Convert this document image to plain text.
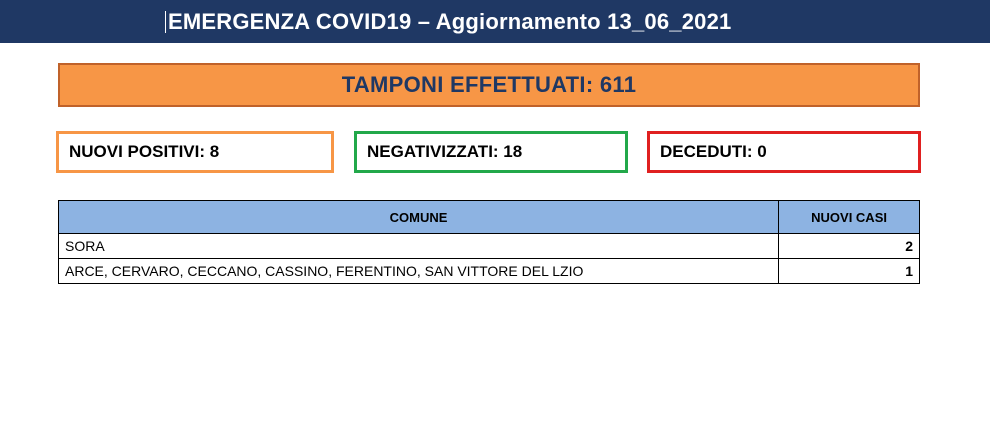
EMERGENZA COVID19 – Aggiornamento 13_06_2021
TAMPONI EFFETTUATI: 611
NUOVI POSITIVI: 8	NEGATIVIZZATI: 18	DECEDUTI: 0
COMUNE	NUOVI CASI
SORA	2
ARCE, CERVARO, CECCANO, CASSINO, FERENTINO, SAN VITTORE DEL LZIO	1
